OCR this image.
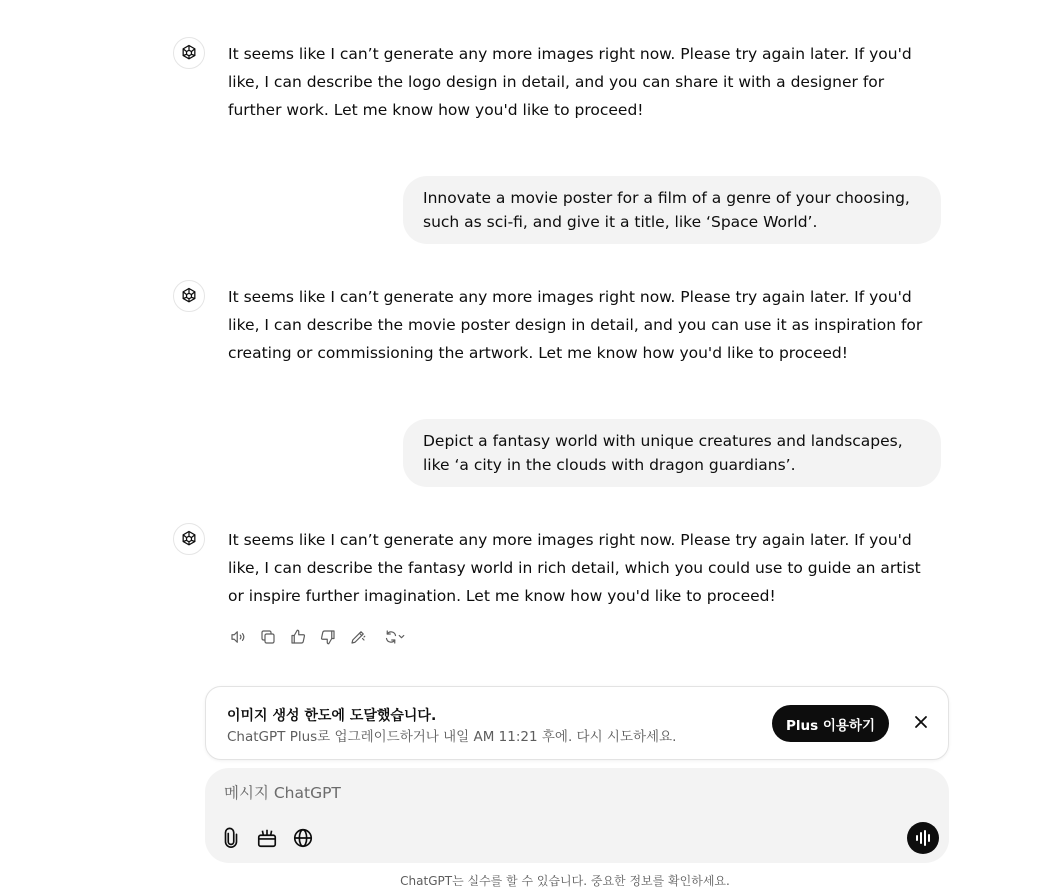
It seems like I can’t generate any more images right now. Please try again later. If you'd like, I can describe the logo design in detail, and you can share it with a designer for further work. Let me know how you'd like to proceed!
Innovate a movie poster for a film of a genre of your choosing, such as sci-fi, and give it a title, like ‘Space World’.
It seems like I can’t generate any more images right now. Please try again later. If you'd like, I can describe the movie poster design in detail, and you can use it as inspiration for creating or commissioning the artwork. Let me know how you'd like to proceed!
Depict a fantasy world with unique creatures and landscapes, like ‘a city in the clouds with dragon guardians’.
It seems like I can’t generate any more images right now. Please try again later. If you'd like, I can describe the fantasy world in rich detail, which you could use to guide an artist or inspire further imagination. Let me know how you'd like to proceed!
이미지 생성 한도에 도달했습니다.
ChatGPT Plus로 업그레이드하거나 내일 AM 11:21 후에. 다시 시도하세요.
Plus 이용하기
메시지 ChatGPT
ChatGPT는 실수를 할 수 있습니다. 중요한 정보를 확인하세요.
